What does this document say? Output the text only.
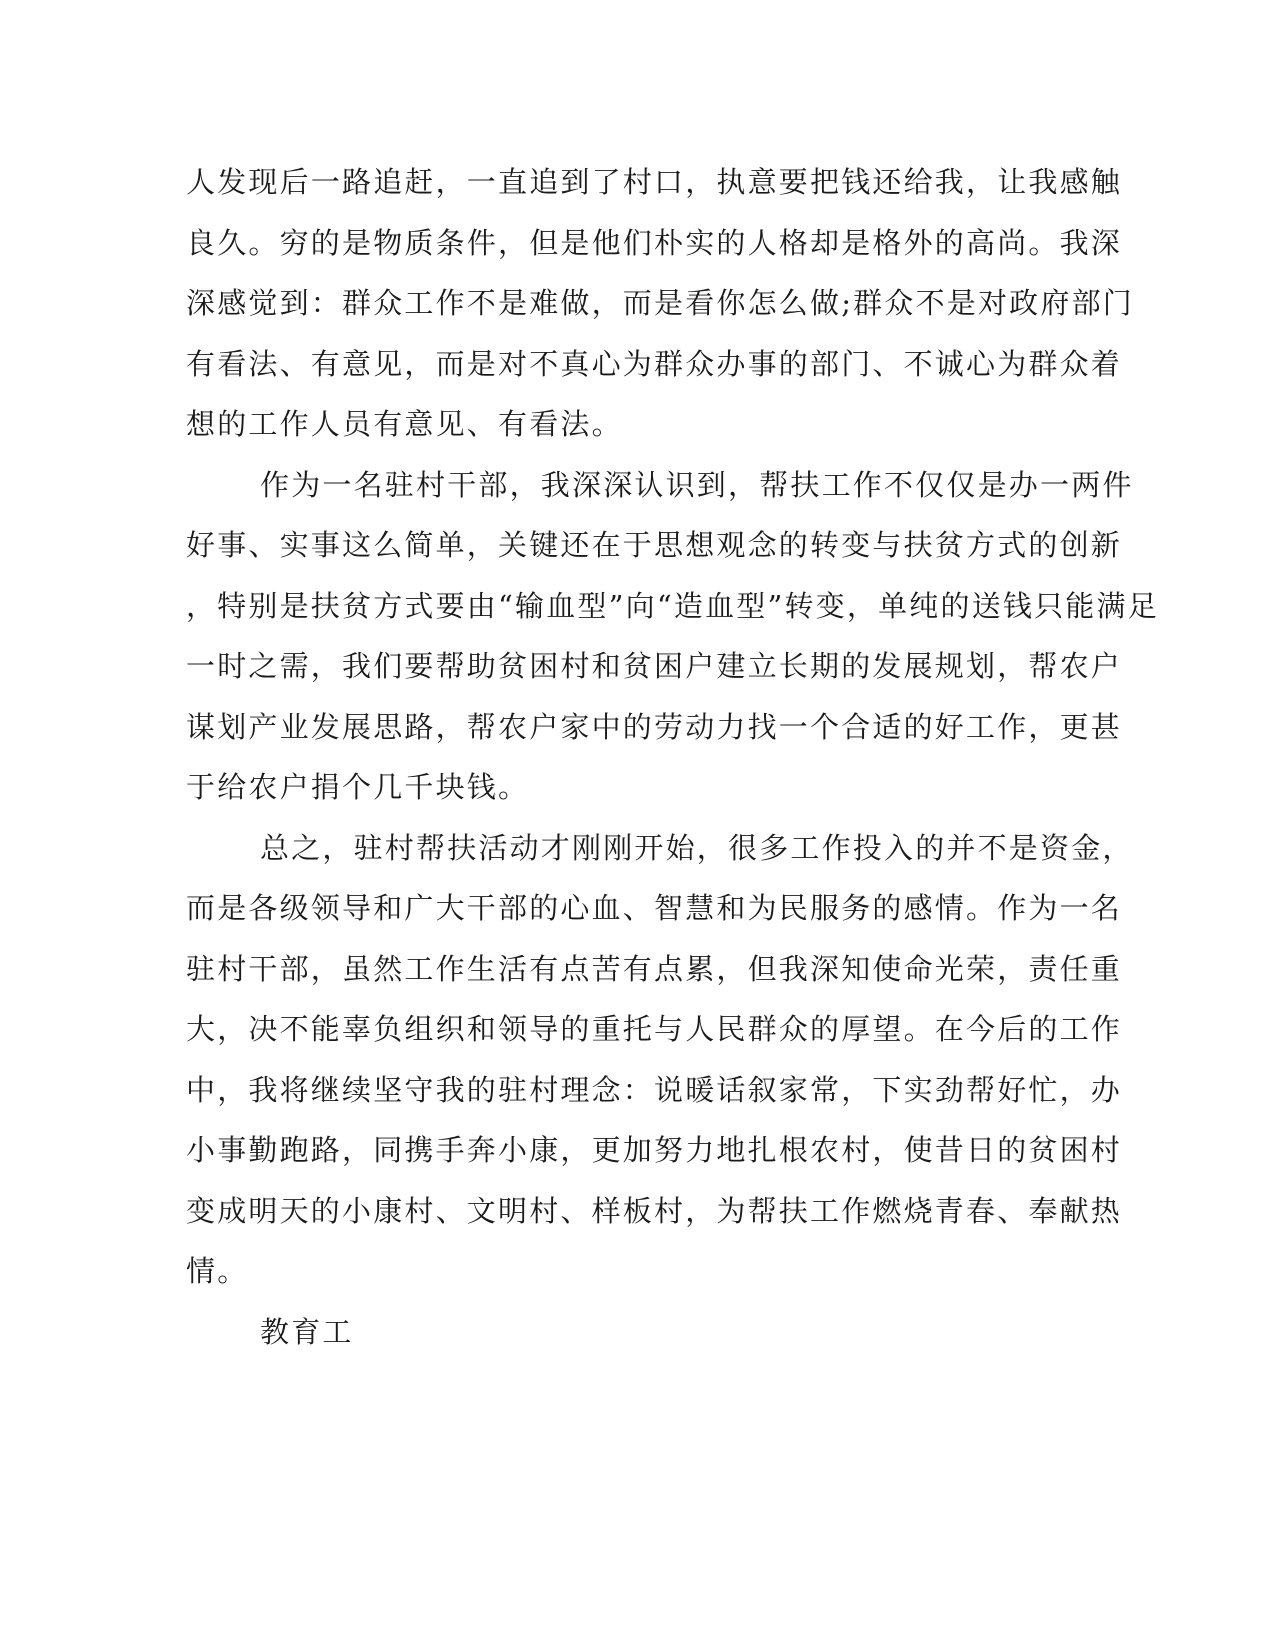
人发现后一路追赶，一直追到了村口，执意要把钱还给我，让我感触
良久。穷的是物质条件，但是他们朴实的人格却是格外的高尚。我深
深感觉到：群众工作不是难做，而是看你怎么做;群众不是对政府部门
有看法、有意见，而是对不真心为群众办事的部门、不诚心为群众着
想的工作人员有意见、有看法。
作为一名驻村干部，我深深认识到，帮扶工作不仅仅是办一两件
好事、实事这么简单，关键还在于思想观念的转变与扶贫方式的创新
，特别是扶贫方式要由“输血型”向“造血型”转变，单纯的送钱只能满足
一时之需，我们要帮助贫困村和贫困户建立长期的发展规划，帮农户
谋划产业发展思路，帮农户家中的劳动力找一个合适的好工作，更甚
于给农户捐个几千块钱。
总之，驻村帮扶活动才刚刚开始，很多工作投入的并不是资金，
而是各级领导和广大干部的心血、智慧和为民服务的感情。作为一名
驻村干部，虽然工作生活有点苦有点累，但我深知使命光荣，责任重
大，决不能辜负组织和领导的重托与人民群众的厚望。在今后的工作
中，我将继续坚守我的驻村理念：说暖话叙家常，下实劲帮好忙，办
小事勤跑路，同携手奔小康，更加努力地扎根农村，使昔日的贫困村
变成明天的小康村、文明村、样板村，为帮扶工作燃烧青春、奉献热
情。
教育工
